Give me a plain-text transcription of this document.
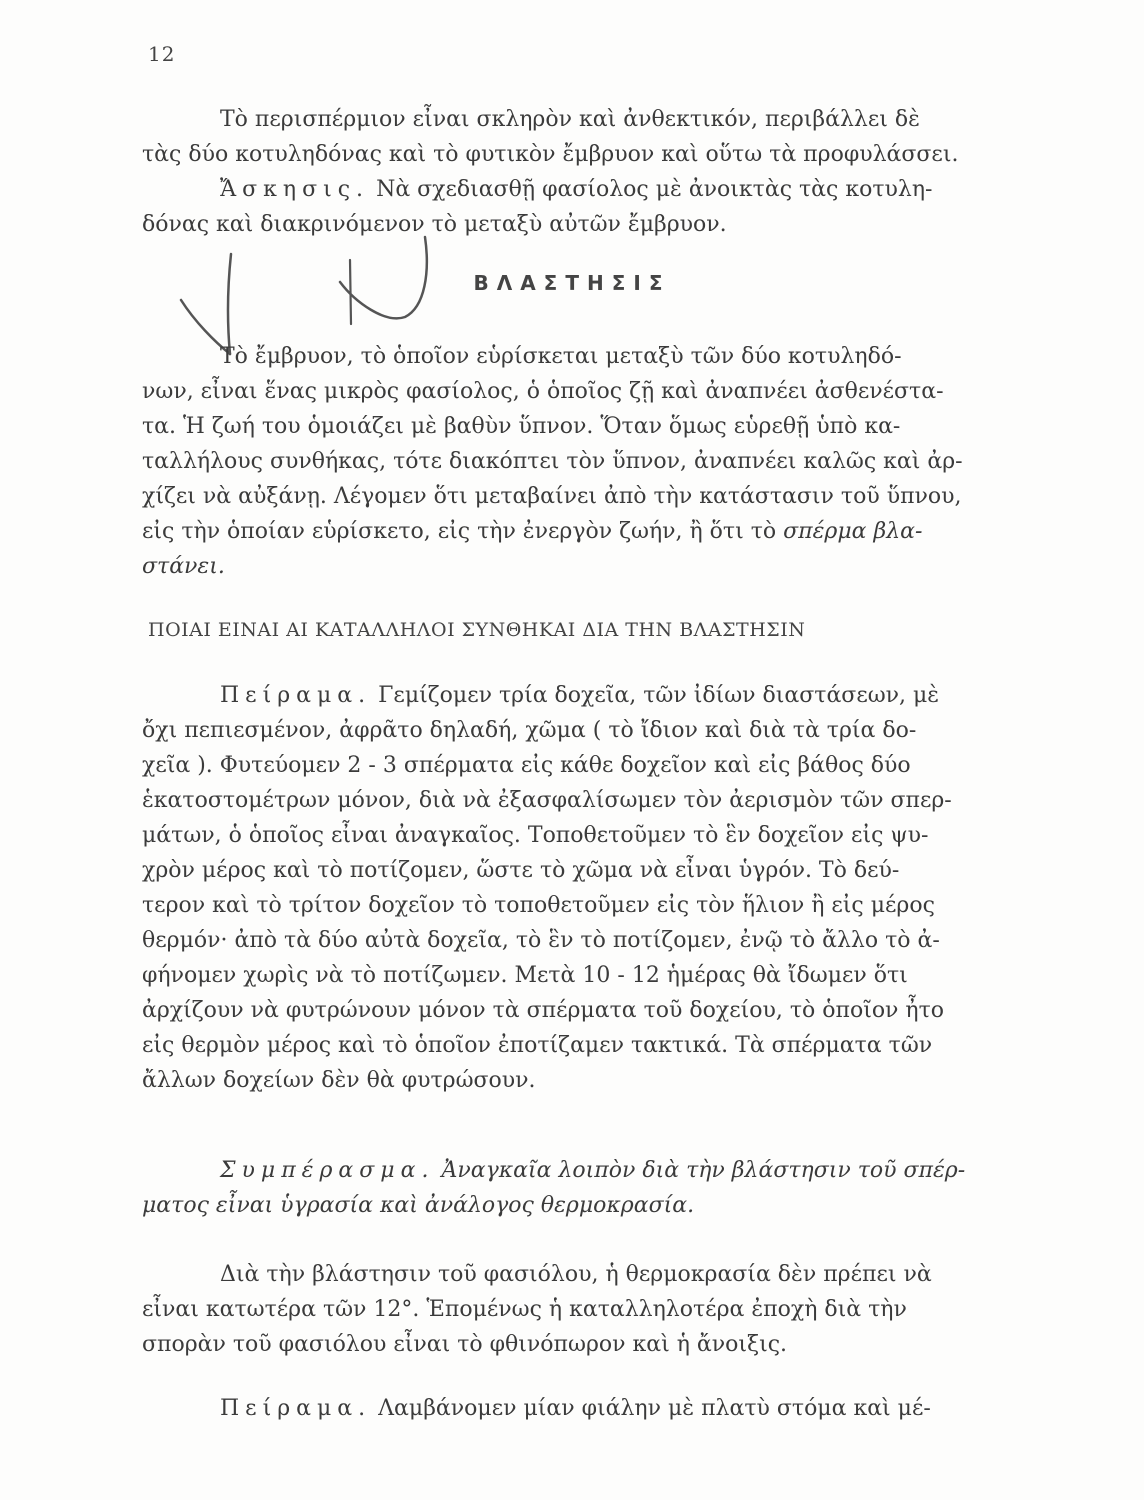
12
Τὸ περισπέρμιον εἶναι σκληρὸν καὶ ἀνθεκτικόν, περιβάλλει δὲ
τὰς δύο κοτυληδόνας καὶ τὸ φυτικὸν ἔμβρυον καὶ οὕτω τὰ προφυλάσσει.
Ἄσκησις. Νὰ σχεδιασθῇ φασίολος μὲ ἀνοικτὰς τὰς κοτυλη-
δόνας καὶ διακρινόμενον τὸ μεταξὺ αὐτῶν ἔμβρυον.
ΒΛΑΣΤΗΣΙΣ
Τὸ ἔμβρυον, τὸ ὁποῖον εὑρίσκεται μεταξὺ τῶν δύο κοτυληδό-
νων, εἶναι ἕνας μικρὸς φασίολος, ὁ ὁποῖος ζῇ καὶ ἀναπνέει ἀσθενέστα-
τα. Ἡ ζωή του ὁμοιάζει μὲ βαθὺν ὕπνον. Ὅταν ὅμως εὑρεθῇ ὑπὸ κα-
ταλλήλους συνθήκας, τότε διακόπτει τὸν ὕπνον, ἀναπνέει καλῶς καὶ ἀρ-
χίζει νὰ αὐξάνῃ. Λέγομεν ὅτι μεταβαίνει ἀπὸ τὴν κατάστασιν τοῦ ὕπνου,
εἰς τὴν ὁποίαν εὑρίσκετο, εἰς τὴν ἐνεργὸν ζωήν, ἢ ὅτι τὸ σπέρμα βλα-
στάνει.
ΠΟΙΑΙ ΕΙΝΑΙ ΑΙ ΚΑΤΑΛΛΗΛΟΙ ΣΥΝΘΗΚΑΙ ΔΙΑ ΤΗΝ ΒΛΑΣΤΗΣΙΝ
Πείραμα. Γεμίζομεν τρία δοχεῖα, τῶν ἰδίων διαστάσεων, μὲ
ὄχι πεπιεσμένον, ἀφρᾶτο δηλαδή, χῶμα ( τὸ ἴδιον καὶ διὰ τὰ τρία δο-
χεῖα ). Φυτεύομεν 2 - 3 σπέρματα εἰς κάθε δοχεῖον καὶ εἰς βάθος δύο
ἑκατοστομέτρων μόνον, διὰ νὰ ἐξασφαλίσωμεν τὸν ἀερισμὸν τῶν σπερ-
μάτων, ὁ ὁποῖος εἶναι ἀναγκαῖος. Τοποθετοῦμεν τὸ ἓν δοχεῖον εἰς ψυ-
χρὸν μέρος καὶ τὸ ποτίζομεν, ὥστε τὸ χῶμα νὰ εἶναι ὑγρόν. Τὸ δεύ-
τερον καὶ τὸ τρίτον δοχεῖον τὸ τοποθετοῦμεν εἰς τὸν ἥλιον ἢ εἰς μέρος
θερμόν· ἀπὸ τὰ δύο αὐτὰ δοχεῖα, τὸ ἓν τὸ ποτίζομεν, ἐνῷ τὸ ἄλλο τὸ ἀ-
φήνομεν χωρὶς νὰ τὸ ποτίζωμεν. Μετὰ 10 - 12 ἡμέρας θὰ ἴδωμεν ὅτι
ἀρχίζουν νὰ φυτρώνουν μόνον τὰ σπέρματα τοῦ δοχείου, τὸ ὁποῖον ἦτο
εἰς θερμὸν μέρος καὶ τὸ ὁποῖον ἐποτίζαμεν τακτικά. Τὰ σπέρματα τῶν
ἄλλων δοχείων δὲν θὰ φυτρώσουν.
Συμπέρασμα. Ἀναγκαῖα λοιπὸν διὰ τὴν βλάστησιν τοῦ σπέρ-
ματος εἶναι ὑγρασία καὶ ἀνάλογος θερμοκρασία.
Διὰ τὴν βλάστησιν τοῦ φασιόλου, ἡ θερμοκρασία δὲν πρέπει νὰ
εἶναι κατωτέρα τῶν 12°. Ἑπομένως ἡ καταλληλοτέρα ἐποχὴ διὰ τὴν
σπορὰν τοῦ φασιόλου εἶναι τὸ φθινόπωρον καὶ ἡ ἄνοιξις.
Πείραμα. Λαμβάνομεν μίαν φιάλην μὲ πλατὺ στόμα καὶ μέ-
